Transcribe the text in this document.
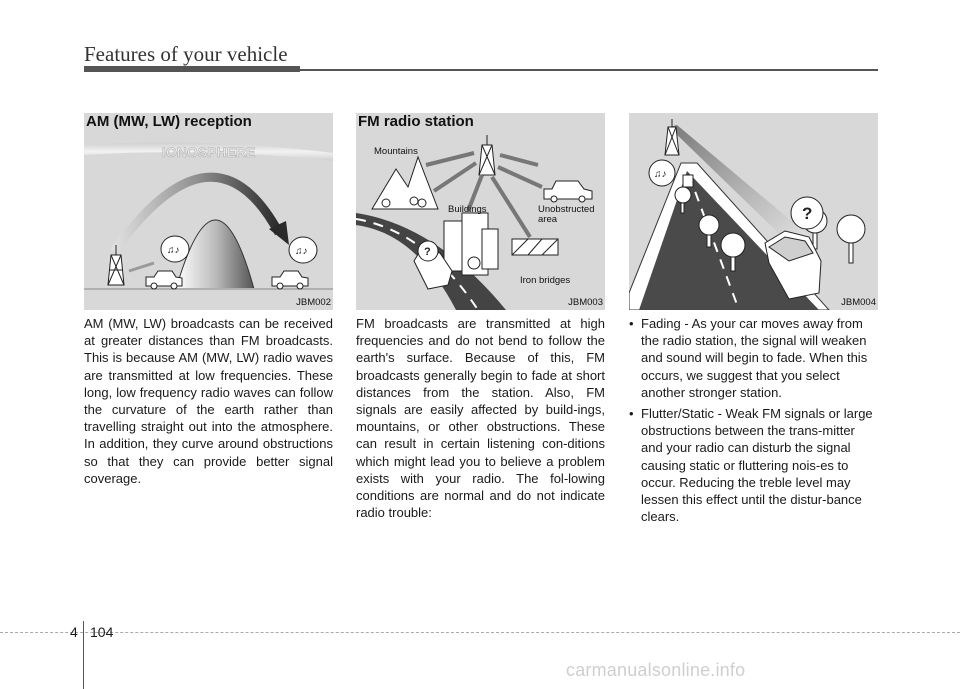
Features of your vehicle
IONOSPHERE
♫♪	♫♪
AM (MW, LW) reception
JBM002
?
Mountains
Buildings	Unobstructed
area
Iron bridges
FM radio station
JBM003
♫♪
?
JBM004

AM (MW, LW) broadcasts can be received at greater distances than FM broadcasts. This is because AM (MW, LW) radio waves are transmitted at low frequencies. These long, low frequency radio waves can follow the curvature of the earth rather than travelling straight out into the atmosphere. In addition, they curve around obstructions so that they can provide better signal coverage.

FM broadcasts are transmitted at high frequencies and do not bend to follow the earth's surface. Because of this, FM broadcasts generally begin to fade at short distances from the station. Also, FM signals are easily affected by build-ings, mountains, or other obstructions. These can result in certain listening con-ditions which might lead you to believe a problem exists with your radio. The fol-lowing conditions are normal and do not indicate radio trouble:

• Fading - As your car moves away from the radio station, the signal will weaken and sound will begin to fade. When this occurs, we suggest that you select another stronger station.
• Flutter/Static - Weak FM signals or large obstructions between the trans-mitter and your radio can disturb the signal causing static or fluttering nois-es to occur. Reducing the treble level may lessen this effect until the distur-bance clears.
4 104
carmanualsonline.info
